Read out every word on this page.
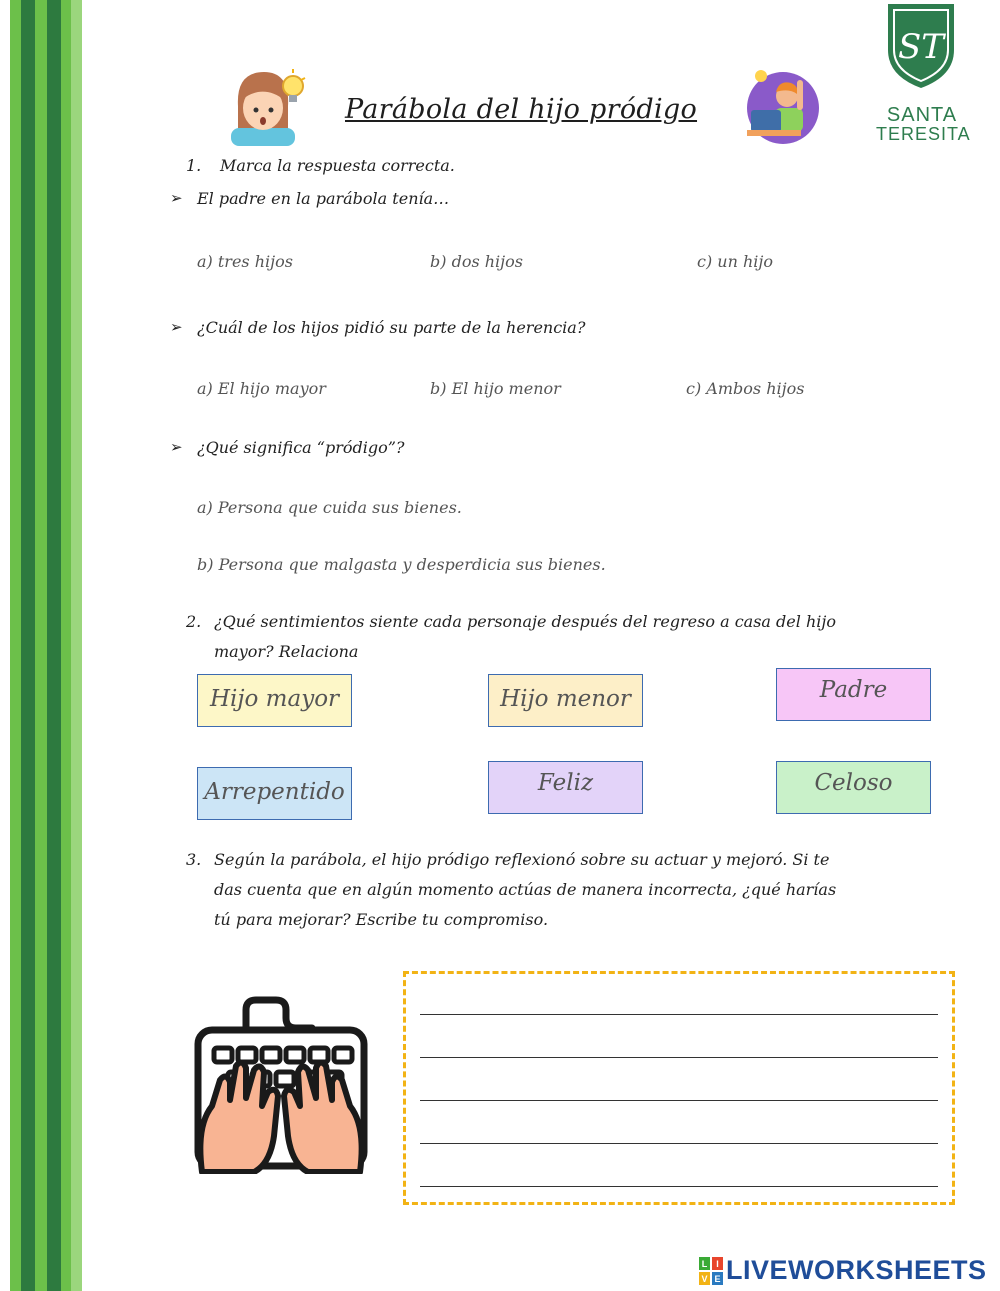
Parábola del hijo pródigo
ST
SANTA
TERESITA
1. Marca la respuesta correcta.
➢ El padre en la parábola tenía…
a) tres hijos	b) dos hijos	c) un hijo
➢ ¿Cuál de los hijos pidió su parte de la herencia?
a) El hijo mayor	b) El hijo menor	c) Ambos hijos
➢ ¿Qué significa “pródigo”?
a) Persona que cuida sus bienes.
b) Persona que malgasta y desperdicia sus bienes.
2. ¿Qué sentimientos siente cada personaje después del regreso a casa del hijo
mayor? Relaciona
Hijo mayor	Hijo menor	Padre
Arrepentido	Feliz	Celoso
3. Según la parábola, el hijo pródigo reflexionó sobre su actuar y mejoró. Si te
das cuenta que en algún momento actúas de manera incorrecta, ¿qué harías
tú para mejorar? Escribe tu compromiso.
L I
V E LIVEWORKSHEETS
